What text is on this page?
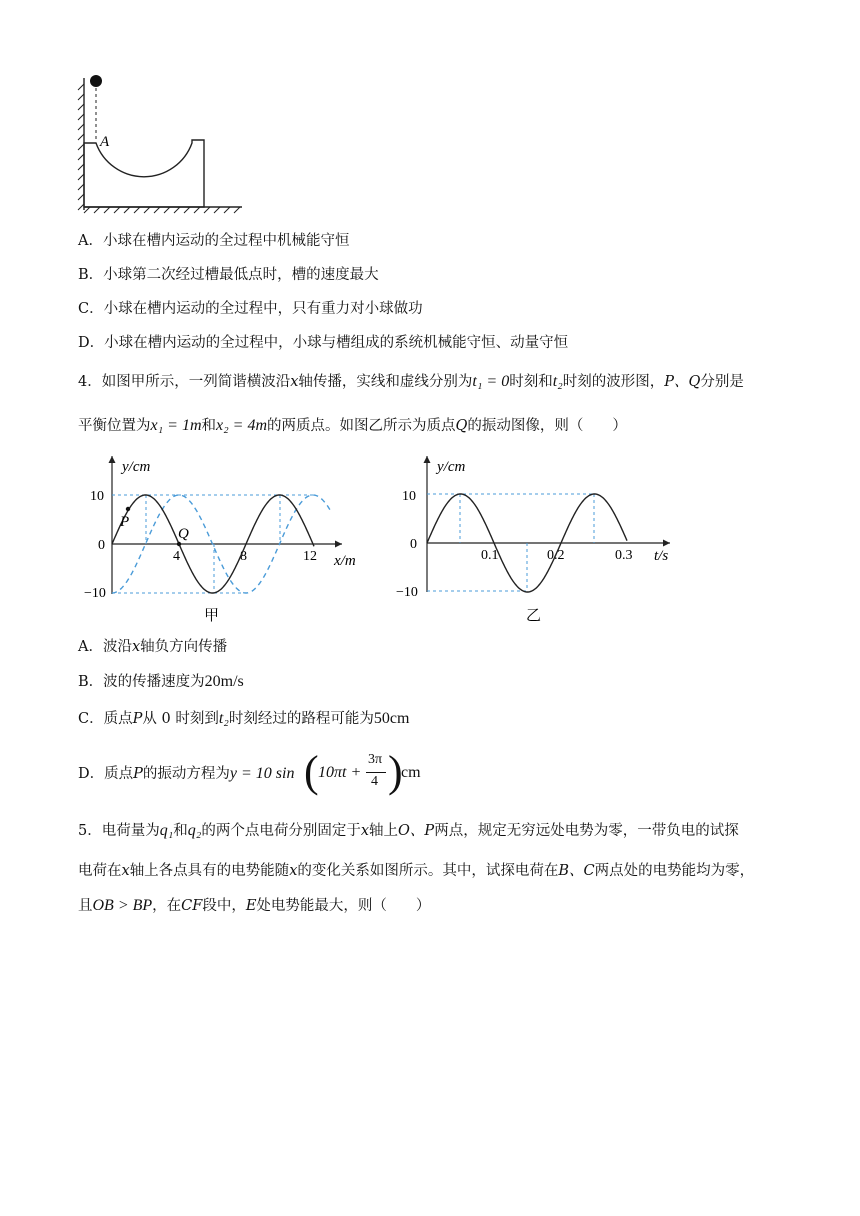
A
A．小球在槽内运动的全过程中机械能守恒
B．小球第二次经过槽最低点时，槽的速度最大
C．小球在槽内运动的全过程中，只有重力对小球做功
D．小球在槽内运动的全过程中，小球与槽组成的系统机械能守恒、动量守恒
4．如图甲所示，一列简谐横波沿x轴传播，实线和虚线分别为t₁ = 0时刻和t₂时刻的波形图，P、Q分别是
平衡位置为x₁ = 1m和x₂ = 4m的两质点。如图乙所示为质点Q的振动图像，则（　　）
y/cm
x/m
10
0
−10
4	8	12
P
Q
甲
y/cm
t/s
10
0
−10
0.1	0.2	0.3
乙
A．波沿x轴负方向传播
B．波的传播速度为20m/s
C．质点P从 0 时刻到t₂时刻经过的路程可能为50cm
D．质点P的振动方程为y = 10 sin ( 10πt +
3π
4 )
cm
5．电荷量为q₁和q₂的两个点电荷分别固定于x轴上O、P两点，规定无穷远处电势为零，一带负电的试探
电荷在x轴上各点具有的电势能随x的变化关系如图所示。其中，试探电荷在B、C两点处的电势能均为零，
且OB > BP，在CF段中，E处电势能最大，则（　　）
